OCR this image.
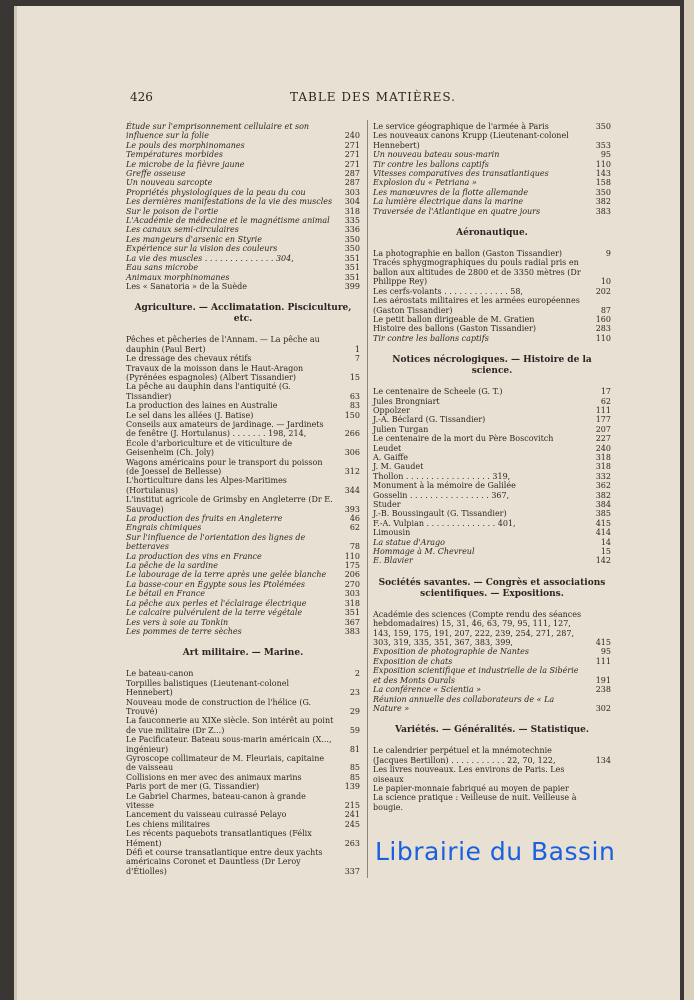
426	TABLE DES MATIÈRES.
Étude sur l'emprisonnement cellulaire et son influence sur la folie	240
Le pouls des morphinomanes	271
Températures morbides	271
Le microbe de la fièvre jaune	271
Greffe osseuse	287
Un nouveau sarcopte	287
Propriétés physiologiques de la peau du cou	303
Les dernières manifestations de la vie des muscles 304
Sur le poison de l'ortie	318
L'Académie de médecine et le magnétisme animal 335
Les canaux semi-circulaires	336
Les mangeurs d'arsenic en Styrie	350
Expérience sur la vision des couleurs	350
La vie des muscles . . . . . . . . . . . . . . 304,	351
Eau sans microbe	351
Animaux morphinomanes	351
Les « Sanatoria » de la Suède	399
Agriculture. — Acclimatation. Pisciculture, etc.
Pêches et pêcheries de l'Annam. — La pêche au dauphin (Paul Bert)	1
Le dressage des chevaux rétifs	7
Travaux de la moisson dans le Haut-Aragon (Pyrénées espagnoles) (Albert Tissandier)	15
La pêche au dauphin dans l'antiquité (G. Tissandier)	63
La production des laines en Australie	83
Le sel dans les allées (J. Batise)	150
Conseils aux amateurs de jardinage. — Jardinets de fenêtre (J. Hortulanus) . . . . . . . 198, 214,	266
École d'arboriculture et de viticulture de Geisenheim (Ch. Joly)	306
Wagons américains pour le transport du poisson (de Joessel de Bellesse)	312
L'horticulture dans les Alpes-Maritimes (Hortulanus)	344
L'institut agricole de Grimsby en Angleterre (Dr E. Sauvage)	393
La production des fruits en Angleterre	46
Engrais chimiques	62
Sur l'influence de l'orientation des lignes de betteraves	78
La production des vins en France	110
La pêche de la sardine	175
Le labourage de la terre après une gelée blanche 206
La basse-cour en Égypte sous les Ptolémées	270
Le bétail en France	303
La pêche aux perles et l'éclairage électrique	318
Le calcaire pulvérulent de la terre végétale	351
Les vers à soie au Tonkin	367
Les pommes de terre sèches	383
Art militaire. — Marine.
Le bateau-canon	2
Torpilles balistiques (Lieutenant-colonel Hennebert)	23
Nouveau mode de construction de l'hélice (G. Trouvé)	29
La fauconnerie au XIXe siècle. Son intérêt au point de vue militaire (Dr Z...)	59
Le Pacificateur. Bateau sous-marin américain (X..., ingénieur)	81
Gyroscope collimateur de M. Fleuriais, capitaine de vaisseau	85
Collisions en mer avec des animaux marins	85
Paris port de mer (G. Tissandier)	139
Le Gabriel Charmes, bateau-canon à grande vitesse	215
Lancement du vaisseau cuirassé Pelayo	241
Les chiens militaires	245
Les récents paquebots transatlantiques (Félix Hément)	263
Défi et course transatlantique entre deux yachts américains Coronet et Dauntless (Dr Leroy d'Étiolles)	337
Le service géographique de l'armée à Paris	350
Les nouveaux canons Krupp (Lieutenant-colonel Hennebert)	353
Un nouveau bateau sous-marin	95
Tir contre les ballons captifs	110
Vitesses comparatives des transatlantiques	143
Explosion du « Petriana »	158
Les manœuvres de la flotte allemande	350
La lumière électrique dans la marine	382
Traversée de l'Atlantique en quatre jours	383
Aéronautique.
La photographie en ballon (Gaston Tissandier)	9
Tracés sphygmographiques du pouls radial pris en ballon aux altitudes de 2800 et de 3350 mètres (Dr Philippe Rey)	10
Les cerfs-volants . . . . . . . . . . . . . 58,	202
Les aérostats militaires et les armées européennes (Gaston Tissandier)	87
Le petit ballon dirigeable de M. Gratien	160
Histoire des ballons (Gaston Tissandier)	283
Tir contre les ballons captifs	110
Notices nécrologiques. — Histoire de la science.
Le centenaire de Scheele (G. T.)	17
Jules Brongniart	62
Oppolzer	111
J.-A. Béclard (G. Tissandier)	177
Julien Turgan	207
Le centenaire de la mort du Père Boscovitch	227
Leudet	240
A. Gaiffe	318
J. M. Gaudet	318
Thollon . . . . . . . . . . . . . . . . . 319,	332
Monument à la mémoire de Galilée	362
Gosselin . . . . . . . . . . . . . . . . 367,	382
Studer	384
J.-B. Boussingault (G. Tissandier)	385
F.-A. Vulpian . . . . . . . . . . . . . . 401,	415
Limousin	414
La statue d'Arago	14
Hommage à M. Chevreul	15
E. Blavier	142
Sociétés savantes. — Congrès et associations scientifiques. — Expositions.
Académie des sciences (Compte rendu des séances hebdomadaires) 15, 31, 46, 63, 79, 95, 111, 127, 143, 159, 175, 191, 207, 222, 239, 254, 271, 287, 303, 319, 335, 351, 367, 383, 399,	415
Exposition de photographie de Nantes	95
Exposition de chats	111
Exposition scientifique et industrielle de la Sibérie et des Monts Ourals	191
La conférence « Scientia »	238
Réunion annuelle des collaborateurs de « La Nature »	302
Variétés. — Généralités. — Statistique.
Le calendrier perpétuel et la mnémotechnie (Jacques Bertillon) . . . . . . . . . . . 22, 70, 122,	134
Les livres nouveaux. Les environs de Paris. Les oiseaux
Le papier-monnaie fabriqué au moyen de papier
La science pratique : Veilleuse de nuit. Veilleuse à bougie.
Librairie du Bassin
